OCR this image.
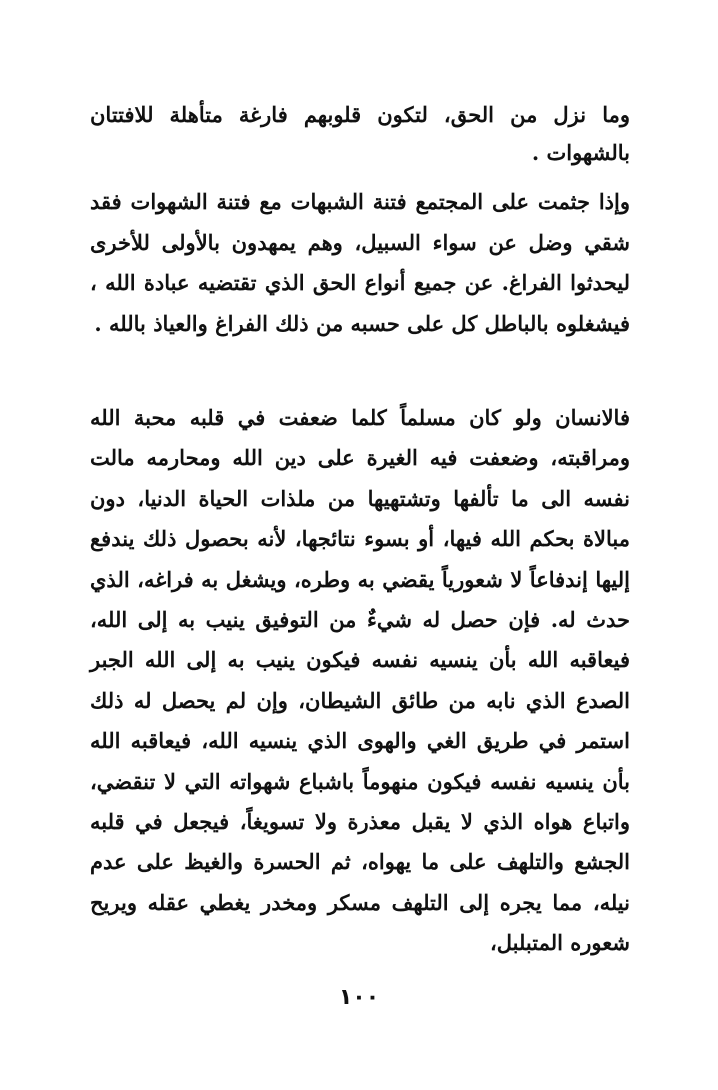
وما نزل من الحق، لتكون قلوبهم فارغة متأهلة للافتتان بالشهوات .

وإذا جثمت على المجتمع فتنة الشبهات مع فتنة الشهوات فقد شقي وضل عن سواء السبيل، وهم يمهدون بالأولى للأخرى ليحدثوا الفراغ. عن جميع أنواع الحق الذي تقتضيه عبادة الله ، فيشغلوه بالباطل كل على حسبه من ذلك الفراغ والعياذ بالله .

فالانسان ولو كان مسلماً كلما ضعفت في قلبه محبة الله ومراقبته، وضعفت فيه الغيرة على دين الله ومحارمه مالت نفسه الى ما تألفها وتشتهيها من ملذات الحياة الدنيا، دون مبالاة بحكم الله فيها، أو بسوء نتائجها، لأنه بحصول ذلك يندفع إليها إندفاعاً لا شعورياً يقضي به وطره، ويشغل به فراغه، الذي حدث له. فإن حصل له شيءٌ من التوفيق ينيب به إلى الله، فيعاقبه الله بأن ينسيه نفسه فيكون ينيب به إلى الله الجبر الصدع الذي نابه من طائق الشيطان، وإن لم يحصل له ذلك استمر في طريق الغي والهوى الذي ينسيه الله، فيعاقبه الله بأن ينسيه نفسه فيكون منهوماً باشباع شهواته التي لا تنقضي، واتباع هواه الذي لا يقبل معذرة ولا تسويغاً، فيجعل في قلبه الجشع والتلهف على ما يهواه، ثم الحسرة والغيظ على عدم نيله، مما يجره إلى التلهف مسكر ومخدر يغطي عقله ويريح شعوره المتبلبل،

١٠٠
